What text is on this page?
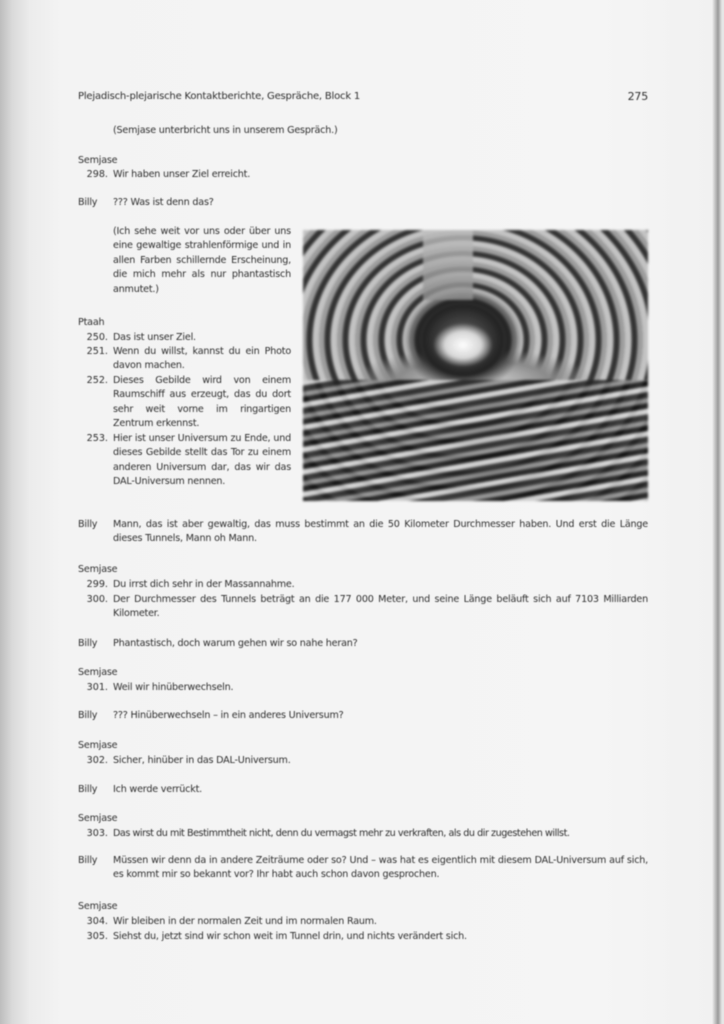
Plejadisch-plejarische Kontaktberichte, Gespräche, Block 1	275
(Semjase unterbricht uns in unserem Gespräch.)
Semjase
298. Wir haben unser Ziel erreicht.
Billy ??? Was ist denn das?
(Ich sehe weit vor uns oder über uns eine gewaltige strahlenförmige und in allen Farben schillernde Erscheinung, die mich mehr als nur phantastisch anmutet.)
Ptaah
250. Das ist unser Ziel.
251. Wenn du willst, kannst du ein Photo davon machen.
252. Dieses Gebilde wird von einem Raumschiff aus erzeugt, das du dort sehr weit vorne im ringartigen Zentrum erkennst.
253. Hier ist unser Universum zu Ende, und dieses Gebilde stellt das Tor zu einem anderen Universum dar, das wir das DAL-Universum nennen.
Billy Mann, das ist aber gewaltig, das muss bestimmt an die 50 Kilometer Durchmesser haben. Und erst die Länge dieses Tunnels, Mann oh Mann.
Semjase
299. Du irrst dich sehr in der Massannahme.
300. Der Durchmesser des Tunnels beträgt an die 177 000 Meter, und seine Länge beläuft sich auf 7103 Milliarden Kilometer.
Billy Phantastisch, doch warum gehen wir so nahe heran?
Semjase
301. Weil wir hinüberwechseln.
Billy ??? Hinüberwechseln – in ein anderes Universum?
Semjase
302. Sicher, hinüber in das DAL-Universum.
Billy Ich werde verrückt.
Semjase
303. Das wirst du mit Bestimmtheit nicht, denn du vermagst mehr zu verkraften, als du dir zugestehen willst.
Billy Müssen wir denn da in andere Zeiträume oder so? Und – was hat es eigentlich mit diesem DAL-Universum auf sich, es kommt mir so bekannt vor? Ihr habt auch schon davon gesprochen.
Semjase
304. Wir bleiben in der normalen Zeit und im normalen Raum.
305. Siehst du, jetzt sind wir schon weit im Tunnel drin, und nichts verändert sich.
